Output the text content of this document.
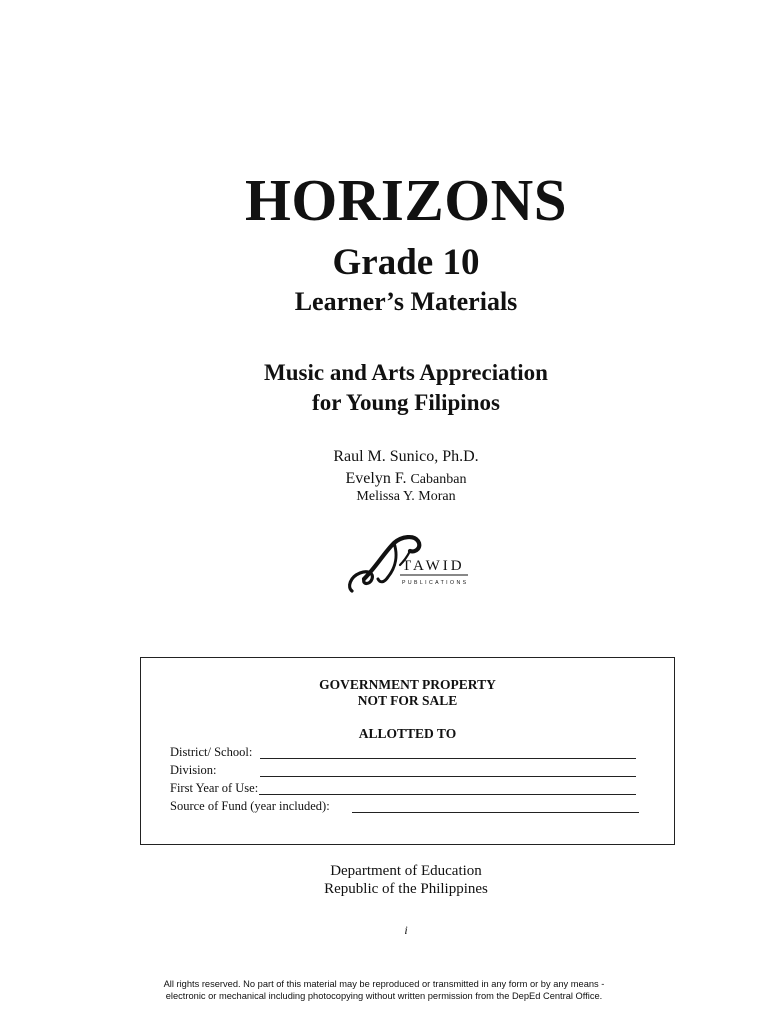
HORIZONS
Grade 10
Learner’s Materials
Music and Arts Appreciation
for Young Filipinos
Raul M. Sunico, Ph.D.
Evelyn F. Cabanban
Melissa Y. Moran
TAWID
PUBLICATIONS
GOVERNMENT PROPERTY
NOT FOR SALE
ALLOTTED TO
District/ School:
Division:
First Year of Use:
Source of Fund (year included):
Department of Education
Republic of the Philippines
i
All rights reserved. No part of this material may be reproduced or transmitted in any form or by any means -
electronic or mechanical including photocopying without written permission from the DepEd Central Office.
